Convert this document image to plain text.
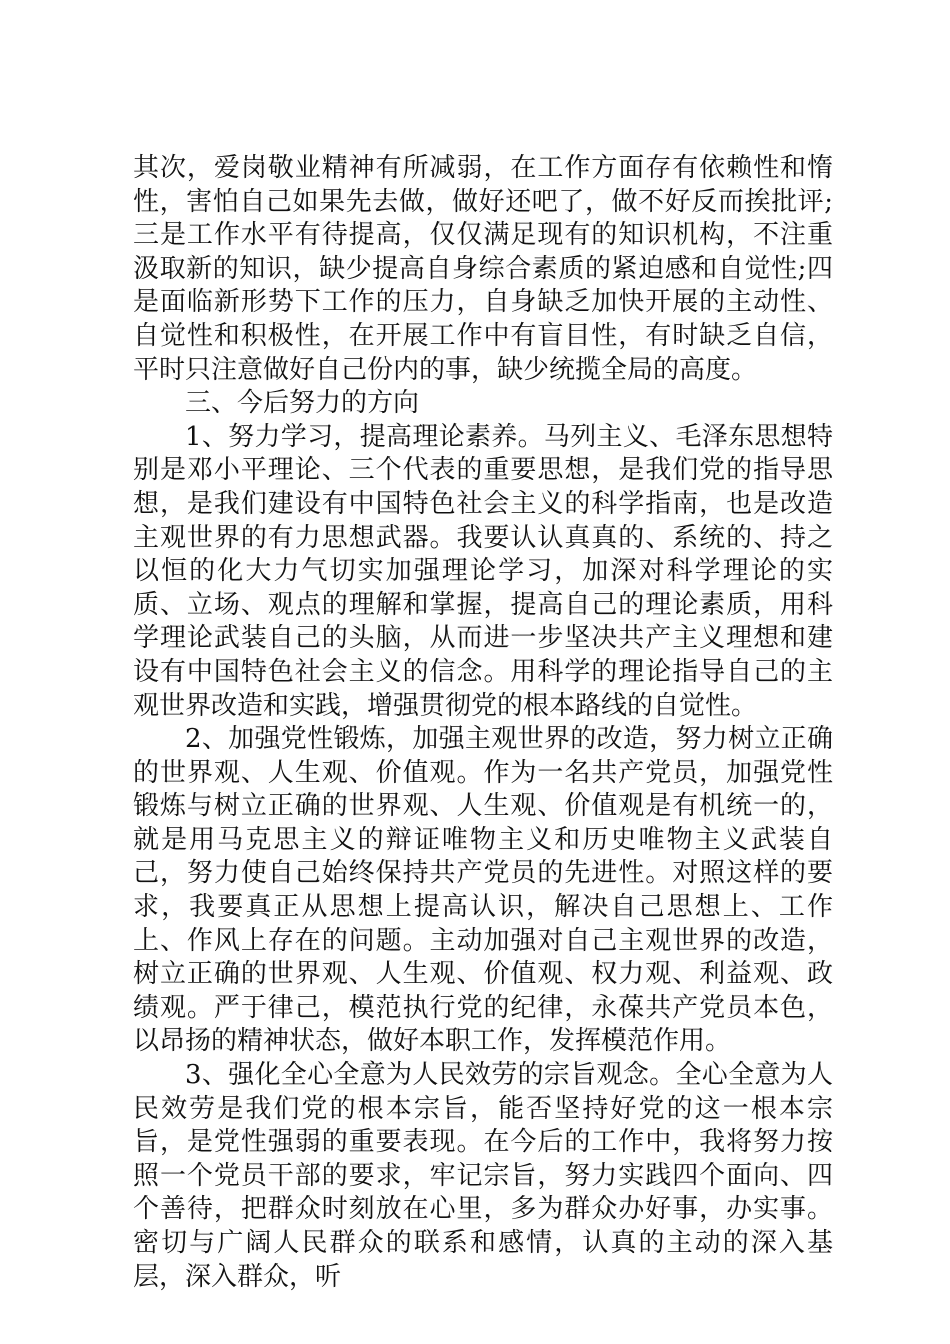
其次，爱岗敬业精神有所减弱，在工作方面存有依赖性和惰性，害怕自己如果先去做，做好还吧了，做不好反而挨批评;三是工作水平有待提高，仅仅满足现有的知识机构，不注重汲取新的知识，缺少提高自身综合素质的紧迫感和自觉性;四是面临新形势下工作的压力，自身缺乏加快开展的主动性、自觉性和积极性，在开展工作中有盲目性，有时缺乏自信，平时只注意做好自己份内的事，缺少统揽全局的高度。

三、今后努力的方向

1、努力学习，提高理论素养。马列主义、毛泽东思想特别是邓小平理论、三个代表的重要思想，是我们党的指导思想，是我们建设有中国特色社会主义的科学指南，也是改造主观世界的有力思想武器。我要认认真真的、系统的、持之以恒的化大力气切实加强理论学习，加深对科学理论的实质、立场、观点的理解和掌握，提高自己的理论素质，用科学理论武装自己的头脑，从而进一步坚决共产主义理想和建设有中国特色社会主义的信念。用科学的理论指导自己的主观世界改造和实践，增强贯彻党的根本路线的自觉性。

2、加强党性锻炼，加强主观世界的改造，努力树立正确的世界观、人生观、价值观。作为一名共产党员，加强党性锻炼与树立正确的世界观、人生观、价值观是有机统一的，就是用马克思主义的辩证唯物主义和历史唯物主义武装自己，努力使自己始终保持共产党员的先进性。对照这样的要求，我要真正从思想上提高认识，解决自己思想上、工作上、作风上存在的问题。主动加强对自己主观世界的改造，树立正确的世界观、人生观、价值观、权力观、利益观、政绩观。严于律己，模范执行党的纪律，永葆共产党员本色，以昂扬的精神状态，做好本职工作，发挥模范作用。

3、强化全心全意为人民效劳的宗旨观念。全心全意为人民效劳是我们党的根本宗旨，能否坚持好党的这一根本宗旨，是党性强弱的重要表现。在今后的工作中，我将努力按照一个党员干部的要求，牢记宗旨，努力实践四个面向、四个善待，把群众时刻放在心里，多为群众办好事，办实事。密切与广阔人民群众的联系和感情，认真的主动的深入基层，深入群众，听
